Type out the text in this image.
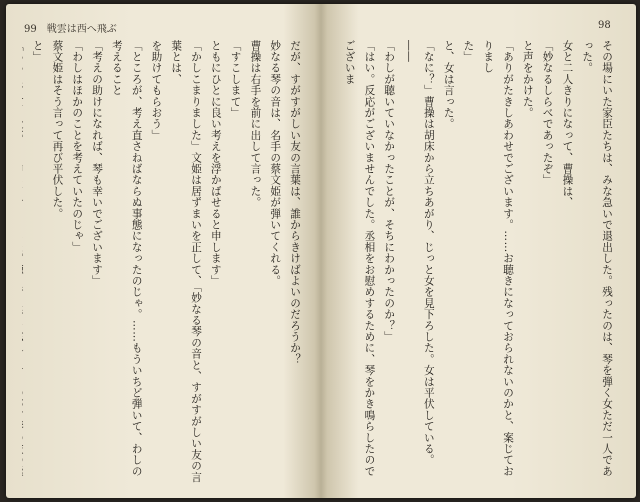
99 戦雲は西へ飛ぶ	98

だが、すがすがしい友の言葉は、誰からきけばよいのだろうか？

妙なる琴の音は、名手の蔡文姫が弾いてくれる。

曹操は右手を前に出して言った。

「すこしまて」

ともにひとに良い考えを浮かばせると申します」

「かしこまりました」文姫は居ずまいを正して、「妙なる琴の音と、すがすがしい友の言葉とは、

を助けてもらおう」

「ところが、考え直さねばならぬ事態になったのじゃ。……もういちど弾いて、わしの考えること

「考えの助けになれば、琴も幸いでございます」

「わしはほかのことを考えていたのじゃ」

蔡文姫はそう言って再び平伏した。

と」	その場にいた家臣たちは、みな急いで退出した。残ったのは、琴を弾く女ただ一人であった。

女と二人きりになって、曹操は、

「妙なるしらべであったぞ」

と声をかけた。

「ありがたきしあわせでございます。……お聴きになっておられないのかと、案じておりまし

た」

と、女は言った。

「なに？」曹操は胡床から立ちあがり、じっと女を見下ろした。女は平伏している。――

「わしが聴いていなかったことが、そちにわかったのか？」

「はい。反応がございませんでした。丞相をお慰めするために、琴をかき鳴らしたのでございま
